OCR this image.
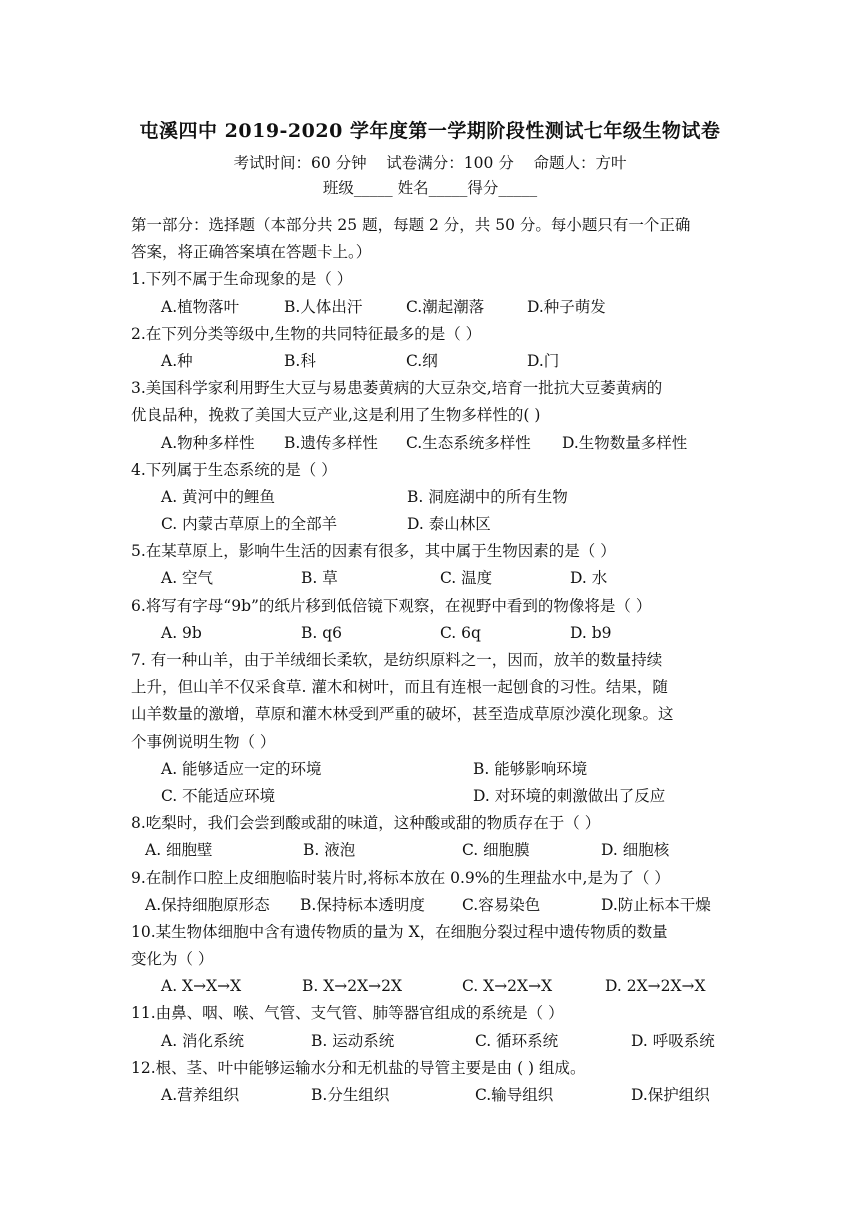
屯溪四中 2019-2020 学年度第一学期阶段性测试七年级生物试卷
考试时间：60 分钟    试卷满分：100 分    命题人：方叶
班级_____ 姓名_____得分_____
第一部分：选择题（本部分共 25 题，每题 2 分，共 50 分。每小题只有一个正确
答案，将正确答案填在答题卡上。）
1.下列不属于生命现象的是（ ）
A.植物落叶	B.人体出汗	C.潮起潮落	D.种子萌发
2.在下列分类等级中,生物的共同特征最多的是（ ）
A.种	B.科	C.纲	D.门
3.美国科学家利用野生大豆与易患萎黄病的大豆杂交,培育一批抗大豆萎黄病的
优良品种，挽救了美国大豆产业,这是利用了生物多样性的( )
A.物种多样性 B.遗传多样性 C.生态系统多样性 D.生物数量多样性
4.下列属于生态系统的是（ ）
A. 黄河中的鲤鱼	B. 洞庭湖中的所有生物
C. 内蒙古草原上的全部羊	D. 泰山林区
5.在某草原上，影响牛生活的因素有很多，其中属于生物因素的是（ ）
A. 空气	B. 草	C. 温度	D. 水
6.将写有字母“9b”的纸片移到低倍镜下观察，在视野中看到的物像将是（ ）
A. 9b	B. q6	C. 6q	D. b9
7. 有一种山羊，由于羊绒细长柔软，是纺织原料之一，因而，放羊的数量持续
上升，但山羊不仅采食草. 灌木和树叶，而且有连根一起刨食的习性。结果，随
山羊数量的激增，草原和灌木林受到严重的破坏，甚至造成草原沙漠化现象。这
个事例说明生物（ ）
A. 能够适应一定的环境	B. 能够影响环境
C. 不能适应环境	D. 对环境的刺激做出了反应
8.吃梨时，我们会尝到酸或甜的味道，这种酸或甜的物质存在于（ ）
A. 细胞壁	B. 液泡	C. 细胞膜	D. 细胞核
9.在制作口腔上皮细胞临时装片时,将标本放在 0.9%的生理盐水中,是为了（ ）
A.保持细胞原形态 B.保持标本透明度 C.容易染色	D.防止标本干燥
10.某生物体细胞中含有遗传物质的量为 X，在细胞分裂过程中遗传物质的数量
变化为（ ）
A. X→X→X	B. X→2X→2X	C. X→2X→X	D. 2X→2X→X
11.由鼻、咽、喉、气管、支气管、肺等器官组成的系统是（ ）
A. 消化系统	B. 运动系统	C. 循环系统	D. 呼吸系统
12.根、茎、叶中能够运输水分和无机盐的导管主要是由 ( ) 组成。
A.营养组织	B.分生组织	C.输导组织	D.保护组织
